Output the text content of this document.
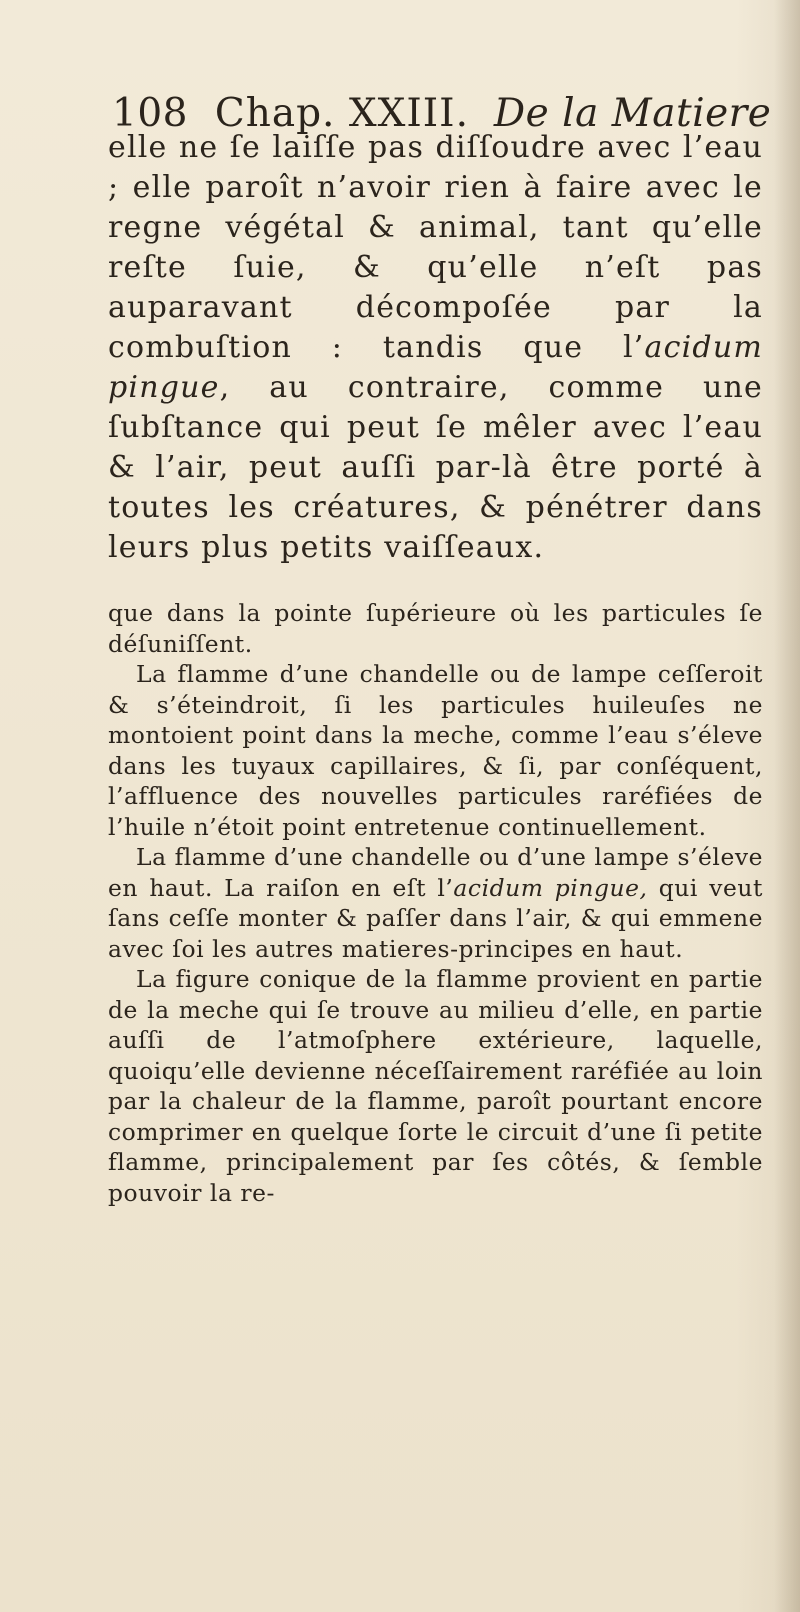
108 Chap. XXIII. De la Matiere

elle ne ſe laiſſe pas diſſoudre avec l’eau ; elle paroît n’avoir rien à faire avec le regne végétal & animal, tant qu’elle reſte ſuie, & qu’elle n’eſt pas auparavant décompoſée par la combuſtion : tandis que l’acidum pingue, au contraire, comme une ſubſtance qui peut ſe mêler avec l’eau & l’air, peut auſſi par-là être porté à toutes les créatures, & pénétrer dans leurs plus petits vaiſſeaux.

que dans la pointe ſupérieure où les particules ſe déſuniſſent.

La flamme d’une chandelle ou de lampe ceſſeroit & s’éteindroit, ſi les particules huileuſes ne montoient point dans la meche, comme l’eau s’éleve dans les tuyaux capillaires, & ſi, par conſéquent, l’affluence des nouvelles particules raréfiées de l’huile n’étoit point entretenue continuellement.

La flamme d’une chandelle ou d’une lampe s’éleve en haut. La raiſon en eſt l’acidum pingue, qui veut ſans ceſſe monter & paſſer dans l’air, & qui emmene avec ſoi les autres matieres-principes en haut.

La figure conique de la flamme provient en partie de la meche qui ſe trouve au milieu d’elle, en partie auſſi de l’atmoſphere extérieure, laquelle, quoiqu’elle devienne néceſſairement raréfiée au loin par la chaleur de la flamme, paroît pourtant encore comprimer en quelque ſorte le circuit d’une ſi petite flamme, principalement par ſes côtés, & ſemble pouvoir la re-
